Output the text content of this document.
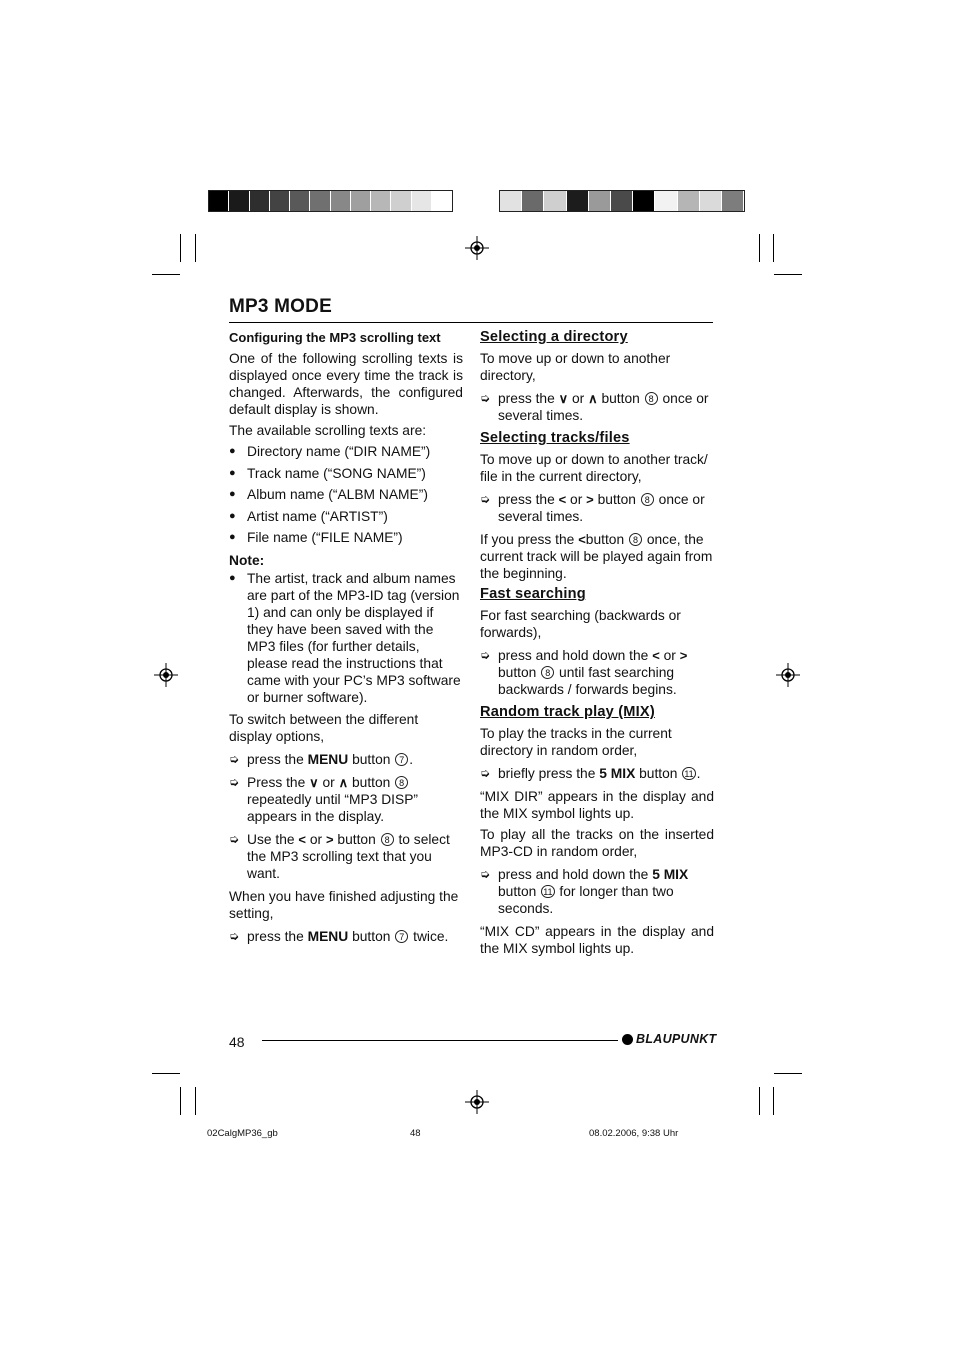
MP3 MODE

Configuring the MP3 scrolling text

One of the following scrolling texts is displayed once every time the track is changed. Afterwards, the configured default display is shown.

The available scrolling texts are:

● Directory name (“DIR NAME”)
● Track name (“SONG NAME”)
● Album name (“ALBM NAME”)
● Artist name (“ARTIST”)
● File name (“FILE NAME”)

Note:

● The artist, track and album names are part of the MP3-ID tag (version 1) and can only be displayed if they have been saved with the MP3 files (for further details, please read the instructions that came with your PC’s MP3 software or burner software).

To switch between the different display options,

➭ press the MENU button 7 .
➭ Press the ∨ or ∧ button 8 repeatedly until “MP3 DISP” appears in the display.
➭ Use the < or > button 8 to select the MP3 scrolling text that you want.

When you have finished adjusting the setting,

➭ press the MENU button 7 twice.

Selecting a directory

To move up or down to another directory,

➭ press the ∨ or ∧ button 8 once or several times.

Selecting tracks/files

To move up or down to another track/ file in the current directory,

➭ press the < or > button 8 once or several times.

If you press the <button 8 once, the current track will be played again from the beginning.

Fast searching

For fast searching (backwards or forwards),

➭ press and hold down the < or > button 8 until fast searching backwards / forwards begins.

Random track play (MIX)

To play the tracks in the current directory in random order,

➭ briefly press the 5 MIX button 11 .

“MIX DIR” appears in the display and the MIX symbol lights up.

To play all the tracks on the inserted MP3-CD in random order,

➭ press and hold down the 5 MIX button 11 for longer than two seconds.

“MIX CD” appears in the display and the MIX symbol lights up.

48	BLAUPUNKT
02CalgMP36_gb	48	08.02.2006, 9:38 Uhr
